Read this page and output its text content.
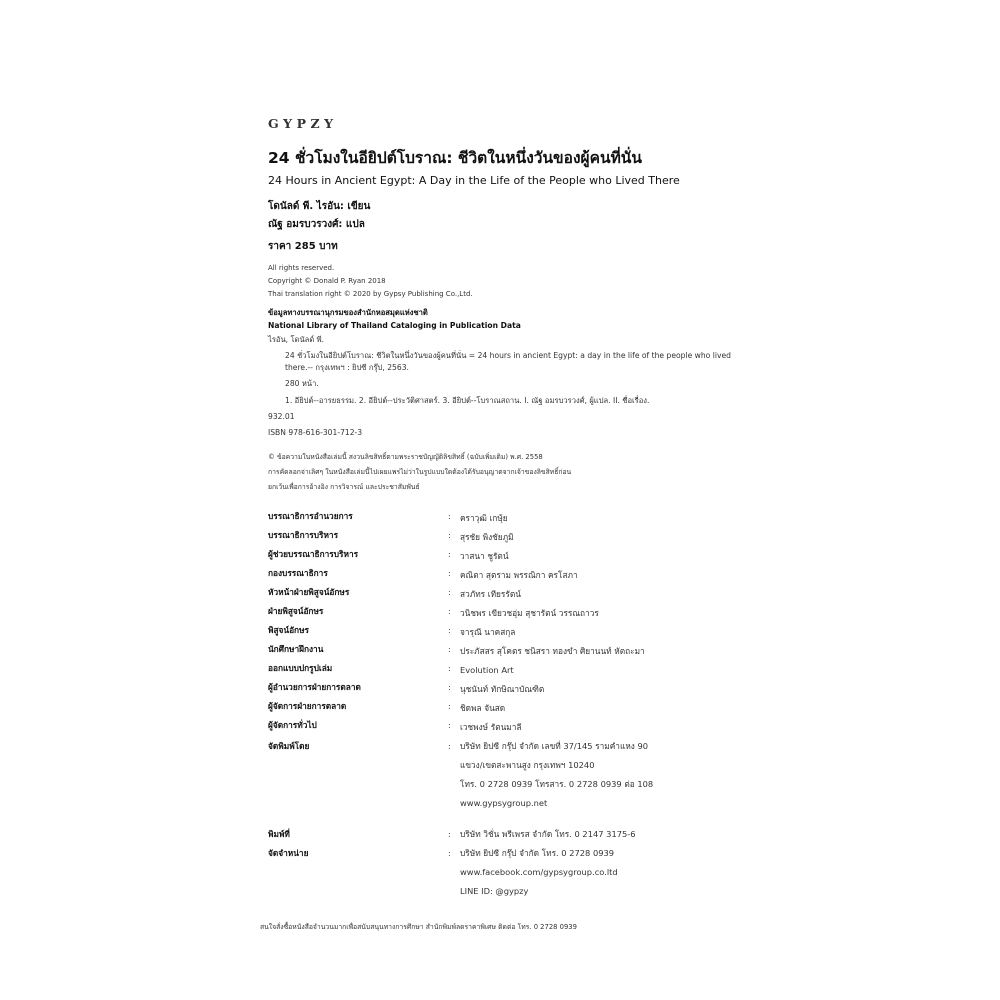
GYPZY
24 ชั่วโมงในอียิปต์โบราณ: ชีวิตในหนึ่งวันของผู้คนที่นั่น
24 Hours in Ancient Egypt: A Day in the Life of the People who Lived There
โดนัลด์ พี. ไรอัน: เขียน
ณัฐ อมรบวรวงศ์: แปล
ราคา 285 บาท

All rights reserved.

Copyright © Donald P. Ryan 2018

Thai translation right © 2020 by Gypsy Publishing Co.,Ltd.

ข้อมูลทางบรรณานุกรมของสำนักหอสมุดแห่งชาติ
National Library of Thailand Cataloging in Publication Data
ไรอัน, โดนัลด์ พี.
24 ชั่วโมงในอียิปต์โบราณ: ชีวิตในหนึ่งวันของผู้คนที่นั่น = 24 hours in ancient Egypt: a day in the life of the people who lived there.-- กรุงเทพฯ : ยิปซี กรุ๊ป, 2563.
280 หน้า.
1. อียิปต์--อารยธรรม. 2. อียิปต์--ประวัติศาสตร์. 3. อียิปต์--โบราณสถาน. I. ณัฐ อมรบวรวงศ์, ผู้แปล. II. ชื่อเรื่อง.
932.01
ISBN 978-616-301-712-3

© ข้อความในหนังสือเล่มนี้ สงวนลิขสิทธิ์ตามพระราชบัญญัติลิขสิทธิ์ (ฉบับเพิ่มเติม) พ.ศ. 2558

การคัดลอกจ่าเลิศๆ ในหนังสือเล่มนี้ไปเผยแพร่ไม่ว่าในรูปแบบใดต้องได้รับอนุญาตจากเจ้าของลิขสิทธิ์ก่อน

ยกเว้นเพื่อการอ้างอิง การวิจารณ์ และประชาสัมพันธ์

บรรณาธิการอำนวยการ	:	คราวุฒิ เกษุ้ย
บรรณาธิการบริหาร	:	สุรชัย พิงชัยภูมิ
ผู้ช่วยบรรณาธิการบริหาร	:	วาสนา ชูรัตน์
กองบรรณาธิการ	:	คณิตา สุตราม พรรณิกา ครโสภา
หัวหน้าฝ่ายพิสูจน์อักษร	:	สวภัทร เทียรรัตน์
ฝ่ายพิสูจน์อักษร	:	วนิชพร เขียวชอุ่ม สุชารัตน์ วรรณถาวร
พิสูจน์อักษร	:	จารุณี นาคสกุล
นักศึกษาฝึกงาน	:	ประภัสสร สุโคตร ชนิสรา ทองขำ ศิยานนท์ หัตถะมา
ออกแบบปกรูปเล่ม	:	Evolution Art
ผู้อำนวยการฝ่ายการตลาด	:	นุชนันท์ ทักษิณาบัณฑิต
ผู้จัดการฝ่ายการตลาด	:	ชิดพล จันสด
ผู้จัดการทั่วไป	:	เวชพงษ์ รัตนมาลี
จัดพิมพ์โดย	:	บริษัท ยิปซี กรุ๊ป จำกัด เลขที่ 37/145 รามคำแหง 90
แขวง/เขตสะพานสูง กรุงเทพฯ 10240
โทร. 0 2728 0939 โทรสาร. 0 2728 0939 ต่อ 108
www.gypsygroup.net
พิมพ์ที่	:	บริษัท วิชั่น พรีเพรส จำกัด โทร. 0 2147 3175-6
จัดจำหน่าย	:	บริษัท ยิปซี กรุ๊ป จำกัด โทร. 0 2728 0939
www.facebook.com/gypsygroup.co.ltd
LINE ID: @gypzy
สนใจสั่งซื้อหนังสือจำนวนมากเพื่อสนับสนุนทางการศึกษา สำนักพิมพ์ลดราคาพิเศษ ติดต่อ โทร. 0 2728 0939
